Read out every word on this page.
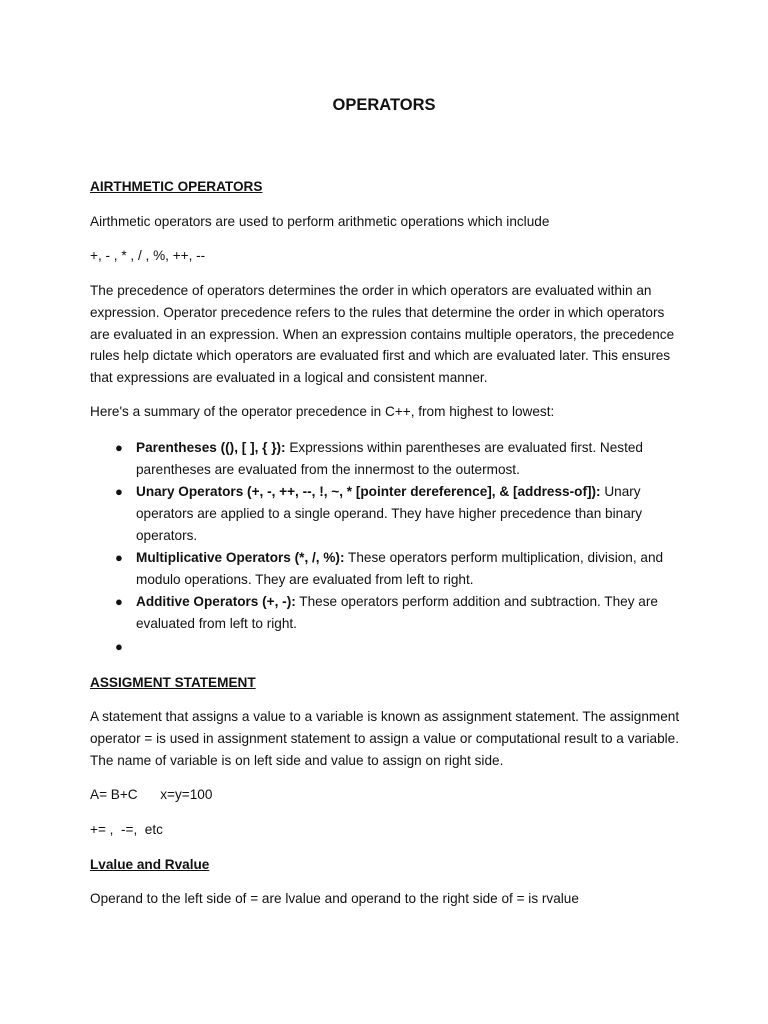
OPERATORS
AIRTHMETIC OPERATORS
Airthmetic operators are used to perform arithmetic operations which include
+, - , * , / , %, ++, --
The precedence of operators determines the order in which operators are evaluated within an expression. Operator precedence refers to the rules that determine the order in which operators are evaluated in an expression. When an expression contains multiple operators, the precedence rules help dictate which operators are evaluated first and which are evaluated later. This ensures that expressions are evaluated in a logical and consistent manner.
Here's a summary of the operator precedence in C++, from highest to lowest:
● Parentheses ((), [ ], { }): Expressions within parentheses are evaluated first. Nested parentheses are evaluated from the innermost to the outermost.
● Unary Operators (+, -, ++, --, !, ~, * [pointer dereference], & [address-of]): Unary operators are applied to a single operand. They have higher precedence than binary operators.
● Multiplicative Operators (*, /, %): These operators perform multiplication, division, and modulo operations. They are evaluated from left to right.
● Additive Operators (+, -): These operators perform addition and subtraction. They are evaluated from left to right.
●

ASSIGMENT STATEMENT
A statement that assigns a value to a variable is known as assignment statement. The assignment operator = is used in assignment statement to assign a value or computational result to a variable. The name of variable is on left side and value to assign on right side.
A= B+C      x=y=100
+= ,  -=,  etc
Lvalue and Rvalue
Operand to the left side of = are lvalue and operand to the right side of = is rvalue
